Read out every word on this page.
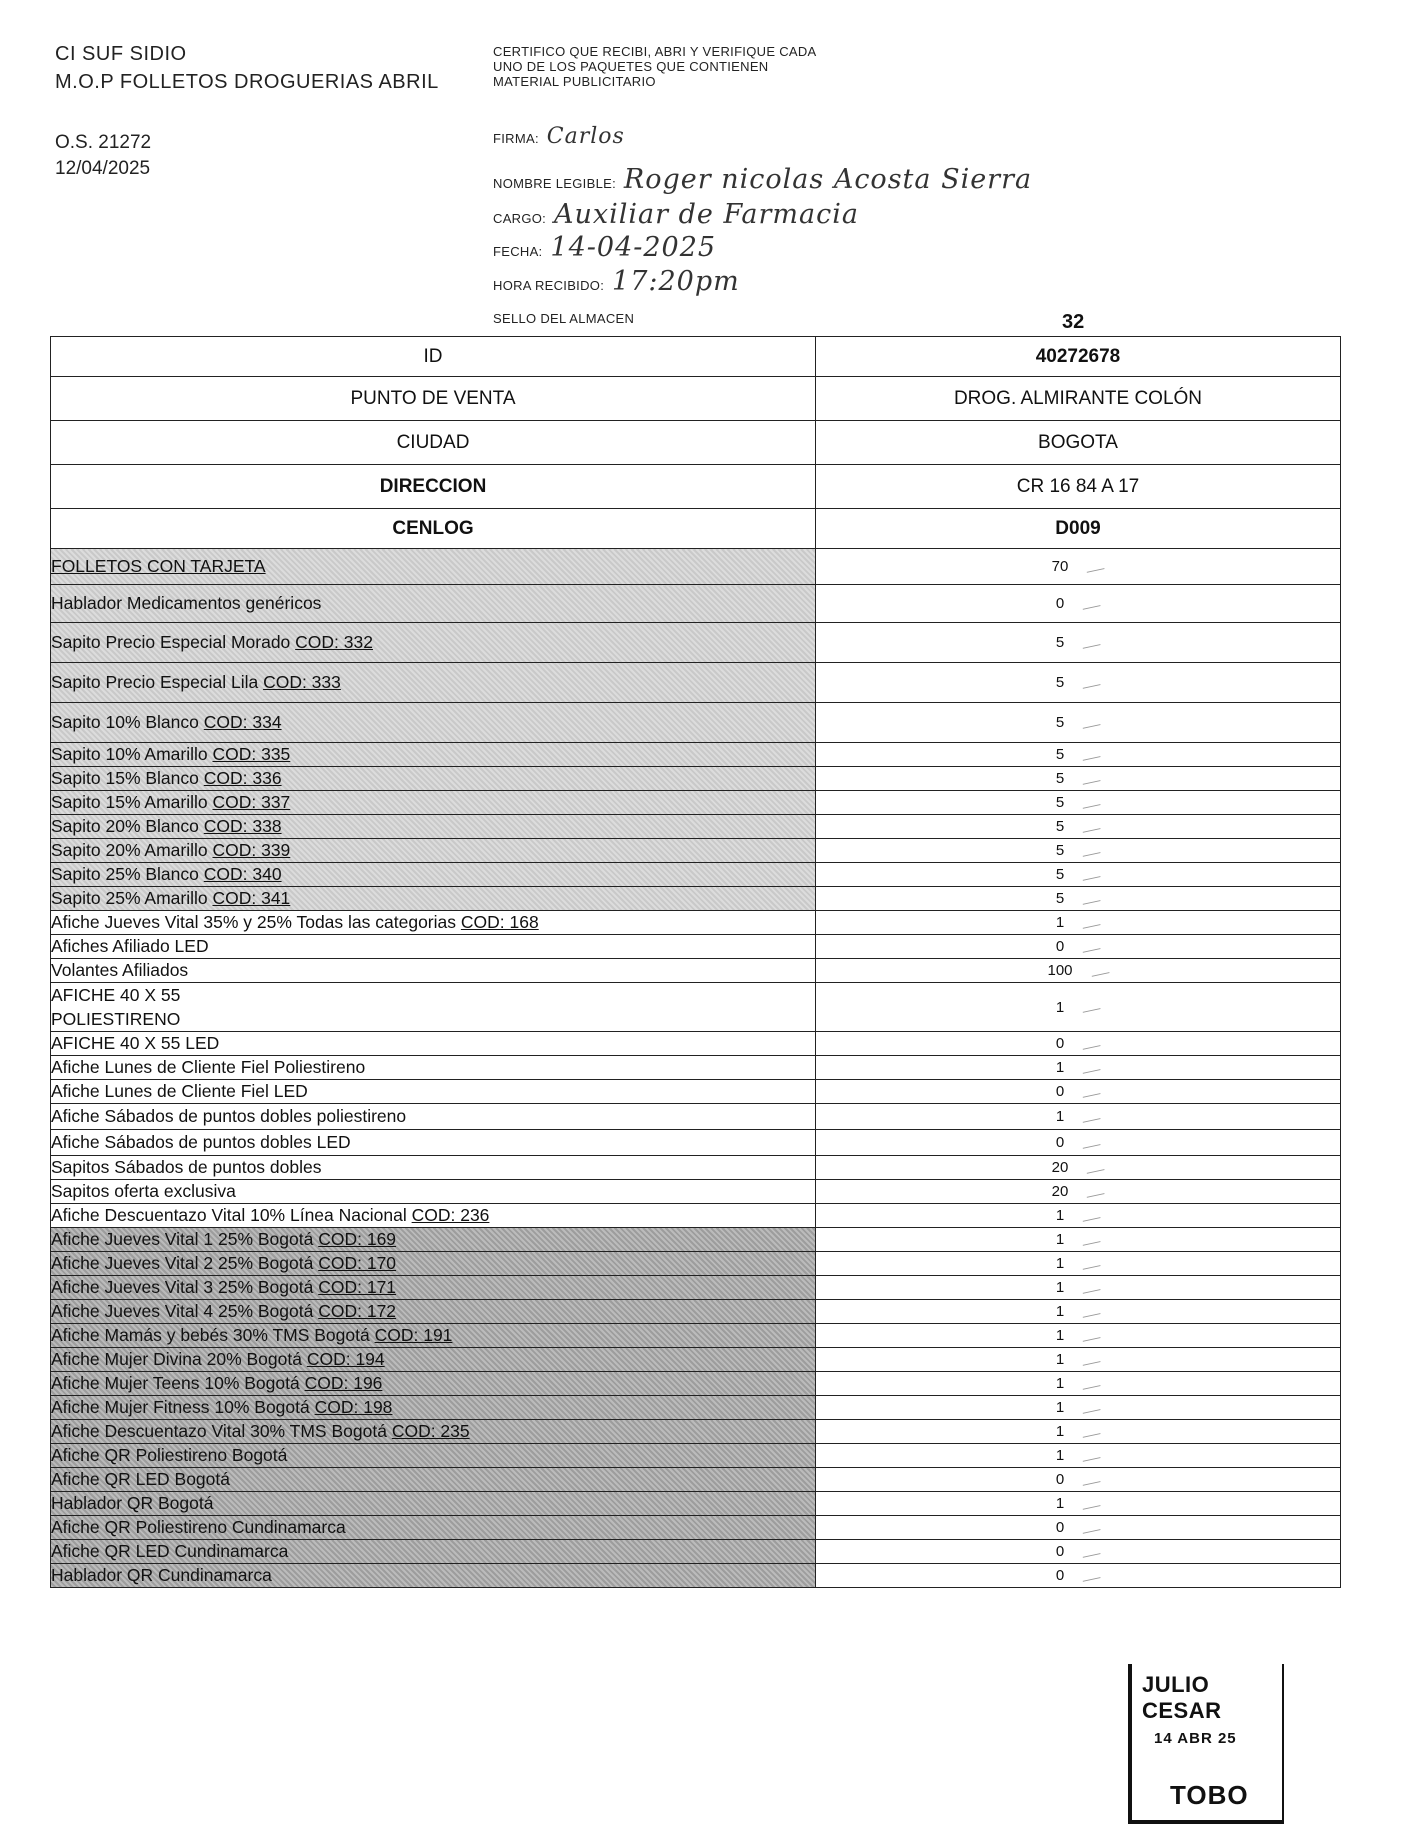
CI SUF SIDIO
M.O.P FOLLETOS DROGUERIAS ABRIL
O.S. 21272
12/04/2025
CERTIFICO QUE RECIBI, ABRI Y VERIFIQUE CADA UNO DE LOS PAQUETES QUE CONTIENEN MATERIAL PUBLICITARIO
FIRMA: Carlos
NOMBRE LEGIBLE: Roger nicolas Acosta Sierra
CARGO: Auxiliar de Farmacia
FECHA: 14-04-2025
HORA RECIBIDO: 17:20pm
SELLO DEL ALMACEN	32
ID	40272678
PUNTO DE VENTA	DROG. ALMIRANTE COLÓN
CIUDAD	BOGOTA
DIRECCION	CR 16 84 A 17
CENLOG	D009
FOLLETOS CON TARJETA	70
Hablador Medicamentos genéricos	0
Sapito Precio Especial Morado COD: 332	5
Sapito Precio Especial Lila COD: 333	5
Sapito 10% Blanco COD: 334	5
Sapito 10% Amarillo COD: 335	5
Sapito 15% Blanco COD: 336	5
Sapito 15% Amarillo COD: 337	5
Sapito 20% Blanco COD: 338	5
Sapito 20% Amarillo COD: 339	5
Sapito 25% Blanco COD: 340	5
Sapito 25% Amarillo COD: 341	5
Afiche Jueves Vital 35% y 25% Todas las categorias COD: 168	1
Afiches Afiliado LED	0
Volantes Afiliados	100
AFICHE 40 X 55
POLIESTIRENO	1
AFICHE 40 X 55 LED	0
Afiche Lunes de Cliente Fiel Poliestireno	1
Afiche Lunes de Cliente Fiel LED	0
Afiche Sábados de puntos dobles poliestireno	1
Afiche Sábados de puntos dobles LED	0
Sapitos Sábados de puntos dobles	20
Sapitos oferta exclusiva	20
Afiche Descuentazo Vital 10% Línea Nacional COD: 236	1
Afiche Jueves Vital 1 25% Bogotá COD: 169	1
Afiche Jueves Vital 2 25% Bogotá COD: 170	1
Afiche Jueves Vital 3 25% Bogotá COD: 171	1
Afiche Jueves Vital 4 25% Bogotá COD: 172	1
Afiche Mamás y bebés 30% TMS Bogotá COD: 191	1
Afiche Mujer Divina 20% Bogotá COD: 194	1
Afiche Mujer Teens 10% Bogotá COD: 196	1
Afiche Mujer Fitness 10% Bogotá COD: 198	1
Afiche Descuentazo Vital 30% TMS Bogotá COD: 235	1
Afiche QR Poliestireno Bogotá	1
Afiche QR LED Bogotá	0
Hablador QR Bogotá	1
Afiche QR Poliestireno Cundinamarca	0
Afiche QR LED Cundinamarca	0
Hablador QR Cundinamarca	0
JULIO CESAR
14 ABR 25
TOBO
